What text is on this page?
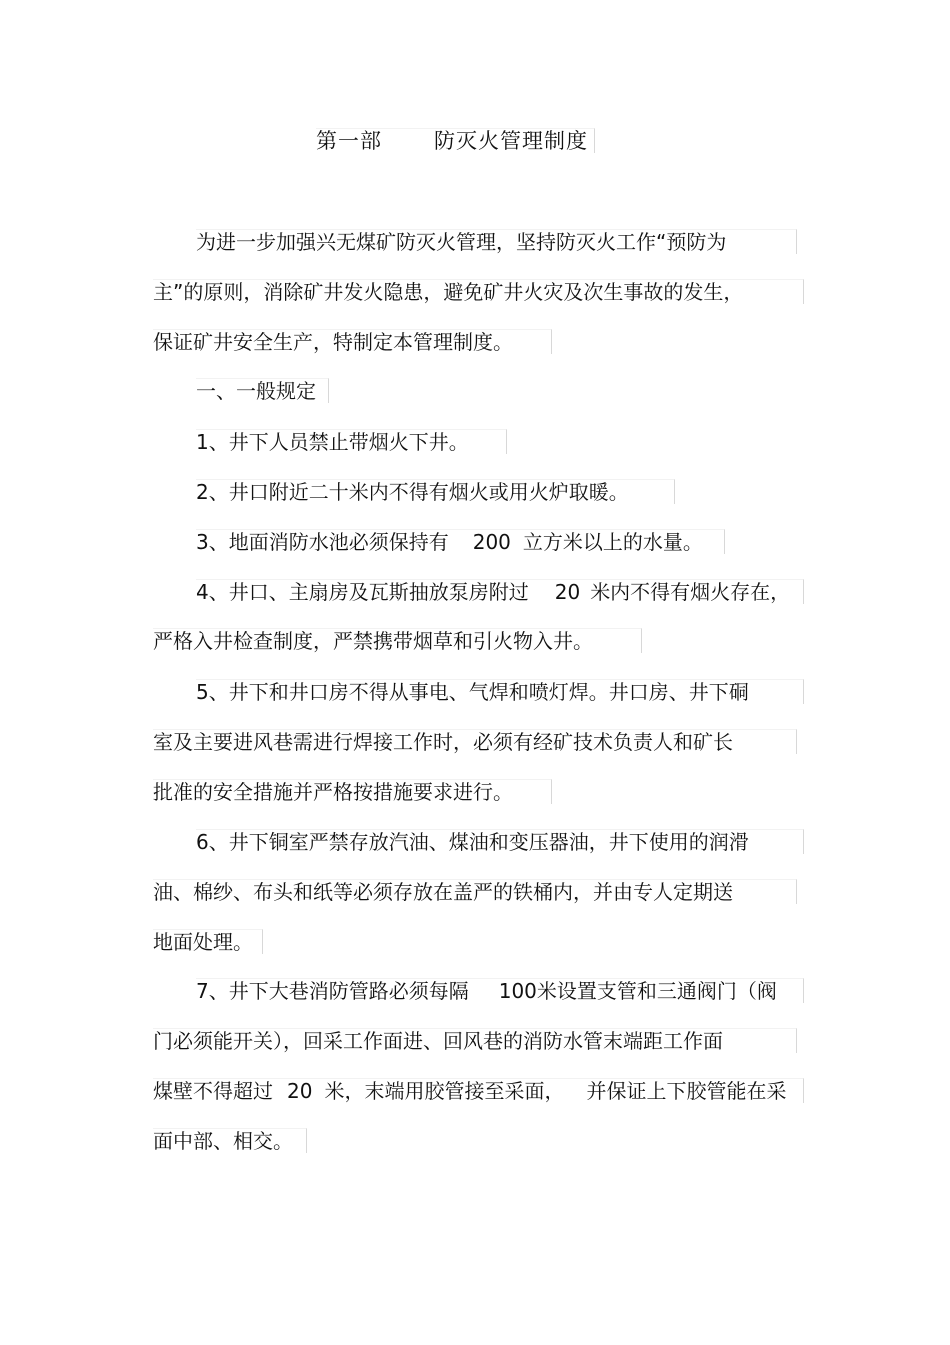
第一部 防灭火管理制度
为进一步加强兴无煤矿防灭火管理，坚持防灭火工作“预防为
主”的原则，消除矿井发火隐患，避免矿井火灾及次生事故的发生，
保证矿井安全生产，特制定本管理制度。
一、一般规定
1、井下人员禁止带烟火下井。
2、井口附近二十米内不得有烟火或用火炉取暖。
3、地面消防水池必须保持有 200 立方米以上的水量。
4、井口、主扇房及瓦斯抽放泵房附过 20 米内不得有烟火存在，
严格入井检查制度，严禁携带烟草和引火物入井。
5、井下和井口房不得从事电、气焊和喷灯焊。井口房、井下硐
室及主要进风巷需进行焊接工作时，必须有经矿技术负责人和矿长
批准的安全措施并严格按措施要求进行。
6、井下铜室严禁存放汽油、煤油和变压器油，井下使用的润滑
油、棉纱、布头和纸等必须存放在盖严的铁桶内，并由专人定期送
地面处理。
7、井下大巷消防管路必须每隔 100米设置支管和三通阀门（阀
门必须能开关），回采工作面进、回风巷的消防水管末端距工作面
煤壁不得超过 20 米，末端用胶管接至采面， 并保证上下胶管能在采
面中部、相交。
